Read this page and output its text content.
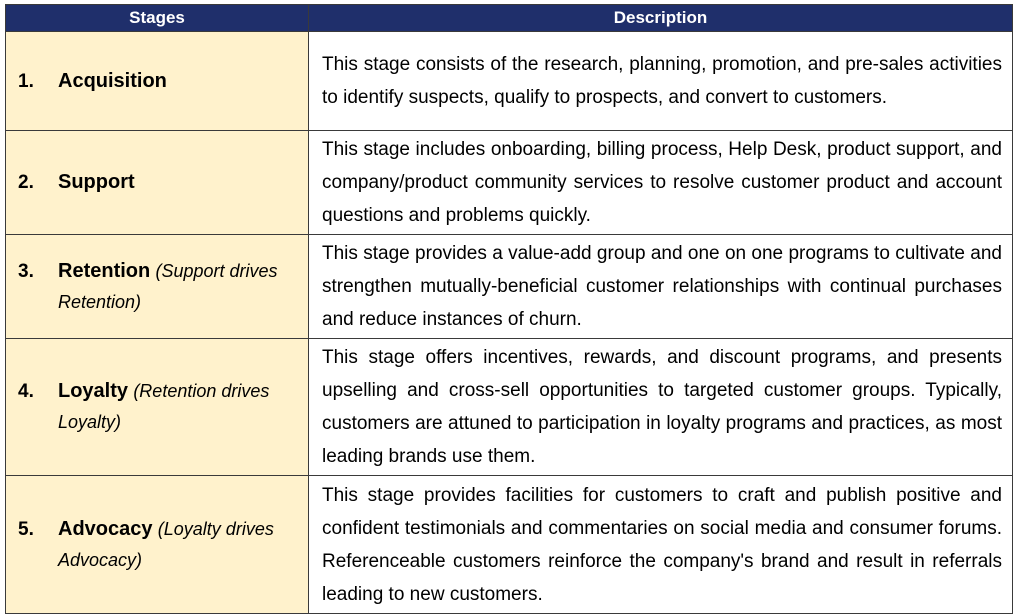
Stages	Description

1. Acquisition	This stage consists of the research, planning, promotion, and pre-sales activities to identify suspects, qualify to prospects, and convert to customers.

2. Support	This stage includes onboarding, billing process, Help Desk, product support, and company/product community services to resolve customer product and account questions and problems quickly.

3. Retention (Support drives Retention)	This stage provides a value-add group and one on one programs to cultivate and strengthen mutually-beneficial customer relationships with continual purchases and reduce instances of churn.

4. Loyalty (Retention drives Loyalty)	This stage offers incentives, rewards, and discount programs, and presents upselling and cross-sell opportunities to targeted customer groups. Typically, customers are attuned to participation in loyalty programs and practices, as most leading brands use them.

5. Advocacy (Loyalty drives Advocacy)	This stage provides facilities for customers to craft and publish positive and confident testimonials and commentaries on social media and consumer forums. Referenceable customers reinforce the company's brand and result in referrals leading to new customers.
